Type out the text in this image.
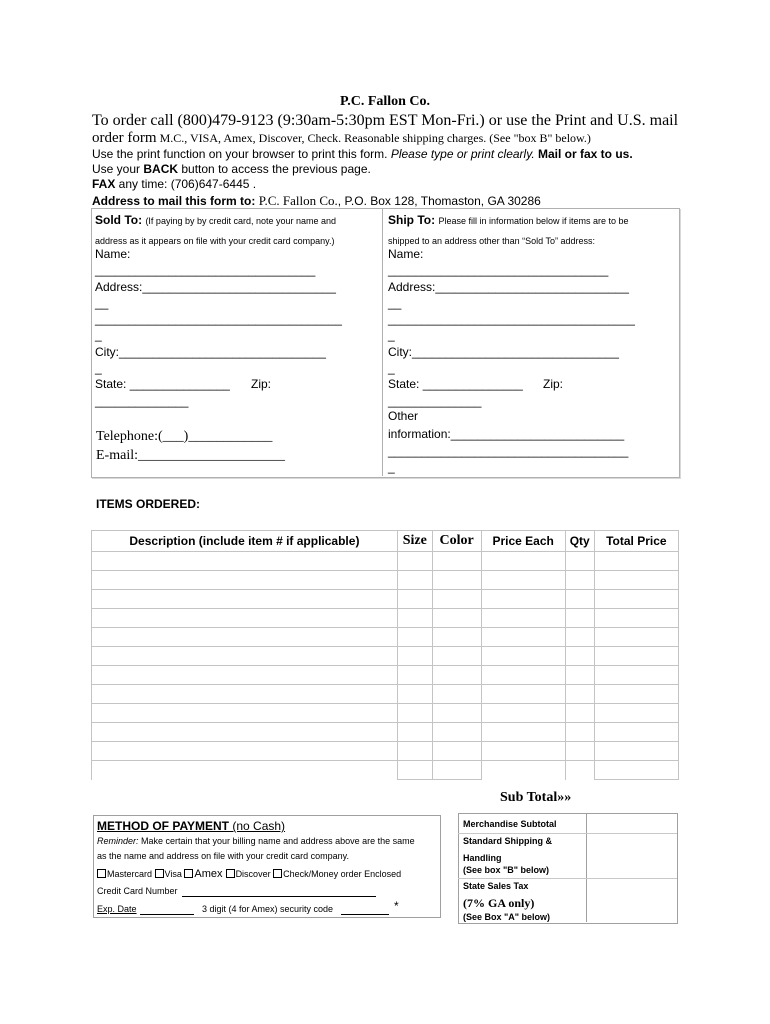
P.C. Fallon Co.
To order call (800)479-9123 (9:30am-5:30pm EST Mon-Fri.) or use the Print and U.S. mail
order form M.C., VISA, Amex, Discover, Check. Reasonable shipping charges. (See "box B" below.)
Use the print function on your browser to print this form. Please type or print clearly. Mail or fax to us.
Use your BACK button to access the previous page.
FAX any time: (706)647-6445 .
Address to mail this form to: P.C. Fallon Co., P.O. Box 128, Thomaston, GA 30286
Sold To: (If paying by by credit card, note your name and
address as it appears on file with your credit card company.)
Name:
_________________________________
Address:_____________________________
__
_____________________________________
_
City:_______________________________
_
State: _______________ Zip:
______________
Telephone:(___)____________
E-mail:_____________________
Ship To: Please fill in information below if items are to be
shipped to an address other than “Sold To” address:
Name:
_________________________________
Address:_____________________________
__
_____________________________________
_
City:_______________________________
_
State: _______________ Zip:
______________
Other
information:__________________________
____________________________________
_
ITEMS ORDERED:
Description (include item # if applicable)	Size	Color	Price Each	Qty	Total Price

Sub Total»»
METHOD OF PAYMENT (no Cash)
Reminder: Make certain that your billing name and address above are the same
as the name and address on file with your credit card company.
Mastercard Visa Amex Discover Check/Money order Enclosed
Credit Card Number
Exp. Date	3 digit (4 for Amex) security code	*
Merchandise Subtotal
Standard Shipping &
Handling
(See box "B" below)
State Sales Tax
(7% GA only)
(See Box "A" below)
